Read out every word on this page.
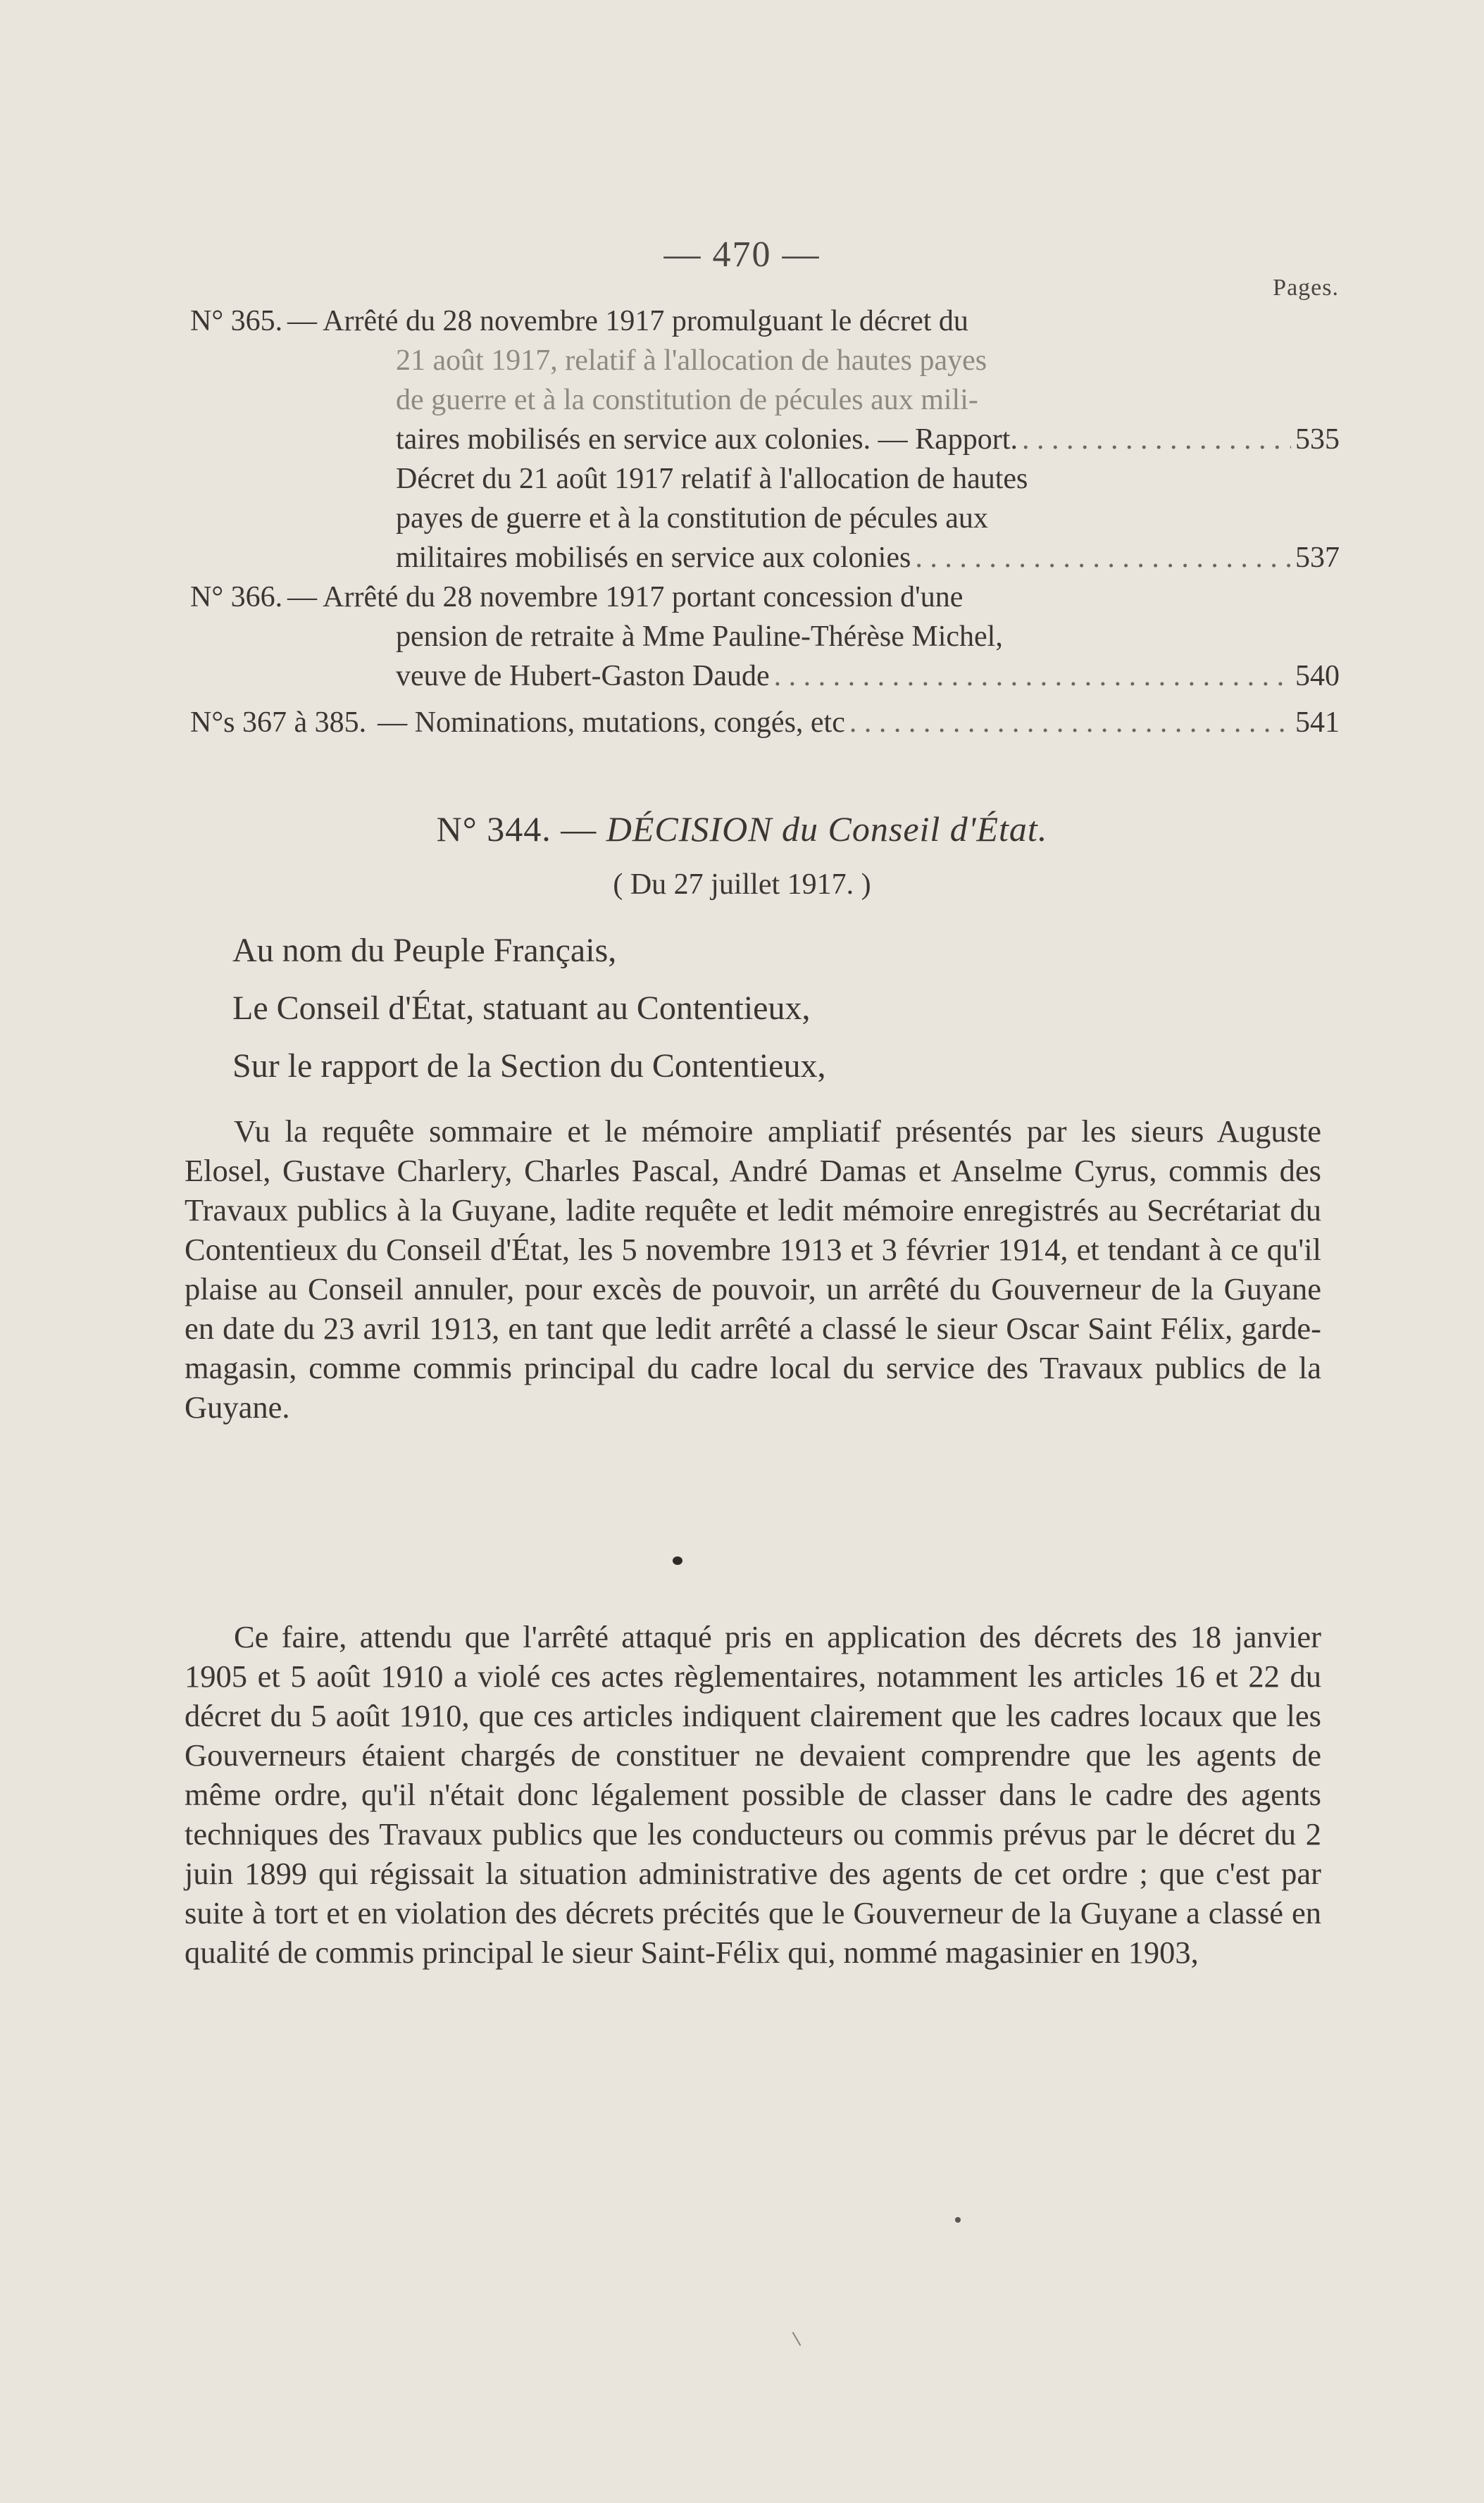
— 470 —
Pages.
N° 365. — Arrêté du 28 novembre 1917 promulguant le décret du
21 août 1917, relatif à l'allocation de hautes payes
de guerre et à la constitution de pécules aux mili-
taires mobilisés en service aux colonies. — Rapport. . . .	535
Décret du 21 août 1917 relatif à l'allocation de hautes
payes de guerre et à la constitution de pécules aux
militaires mobilisés en service aux colonies . . .	537
N° 366. — Arrêté du 28 novembre 1917 portant concession d'une
pension de retraite à Mme Pauline-Thérèse Michel,
veuve de Hubert-Gaston Daude . . .	540
N°s 367 à 385. — Nominations, mutations, congés, etc . . .	541
N° 344. — DÉCISION du Conseil d'État.
( Du 27 juillet 1917. )
Au nom du Peuple Français,
Le Conseil d'État, statuant au Contentieux,
Sur le rapport de la Section du Contentieux,

Vu la requête sommaire et le mémoire ampliatif présentés par les sieurs Auguste Elosel, Gustave Charlery, Charles Pascal, André Damas et Anselme Cyrus, commis des Travaux publics à la Guyane, ladite requête et ledit mémoire enregistrés au Secrétariat du Contentieux du Conseil d'État, les 5 novembre 1913 et 3 février 1914, et tendant à ce qu'il plaise au Conseil annuler, pour excès de pouvoir, un arrêté du Gouverneur de la Guyane en date du 23 avril 1913, en tant que ledit arrêté a classé le sieur Oscar Saint Félix, garde-magasin, comme commis principal du cadre local du service des Travaux publics de la Guyane.

Ce faire, attendu que l'arrêté attaqué pris en application des décrets des 18 janvier 1905 et 5 août 1910 a violé ces actes règlementaires, notamment les articles 16 et 22 du décret du 5 août 1910, que ces articles indiquent clairement que les cadres locaux que les Gouverneurs étaient chargés de constituer ne devaient comprendre que les agents de même ordre, qu'il n'était donc légalement possible de classer dans le cadre des agents techniques des Travaux publics que les conducteurs ou commis prévus par le décret du 2 juin 1899 qui régissait la situation administrative des agents de cet ordre ; que c'est par suite à tort et en violation des décrets précités que le Gouverneur de la Guyane a classé en qualité de commis principal le sieur Saint-Félix qui, nommé magasinier en 1903,
